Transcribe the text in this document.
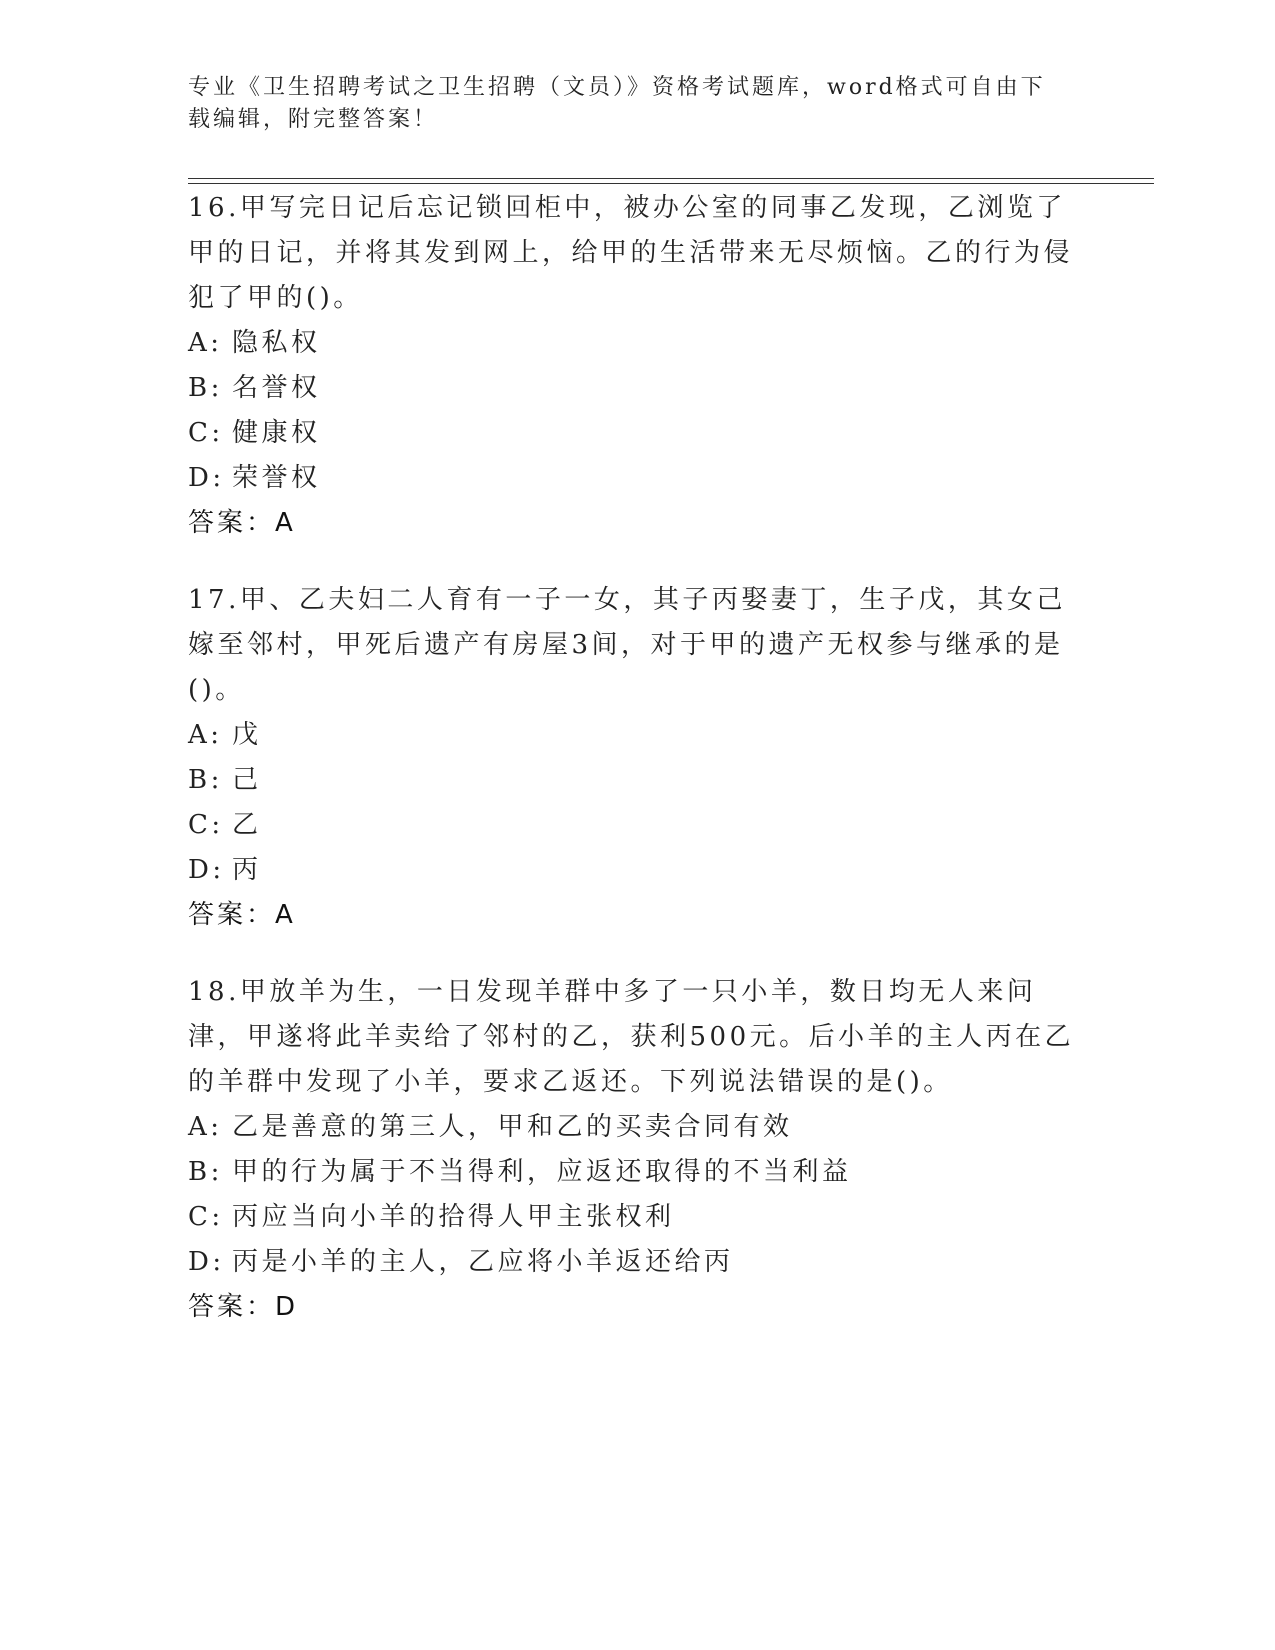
专业《卫生招聘考试之卫生招聘（文员）》资格考试题库，word格式可自由下载编辑，附完整答案！
16.甲写完日记后忘记锁回柜中，被办公室的同事乙发现，乙浏览了甲的日记，并将其发到网上，给甲的生活带来无尽烦恼。乙的行为侵犯了甲的()。
A: 隐私权
B: 名誉权
C: 健康权
D: 荣誉权
答案：A
17.甲、乙夫妇二人育有一子一女，其子丙娶妻丁，生子戊，其女己嫁至邻村，甲死后遗产有房屋3间，对于甲的遗产无权参与继承的是()。
A: 戊
B: 己
C: 乙
D: 丙
答案：A
18.甲放羊为生，一日发现羊群中多了一只小羊，数日均无人来问津，甲遂将此羊卖给了邻村的乙，获利500元。后小羊的主人丙在乙的羊群中发现了小羊，要求乙返还。下列说法错误的是()。
A: 乙是善意的第三人，甲和乙的买卖合同有效
B: 甲的行为属于不当得利，应返还取得的不当利益
C: 丙应当向小羊的拾得人甲主张权利
D: 丙是小羊的主人，乙应将小羊返还给丙
答案：D
